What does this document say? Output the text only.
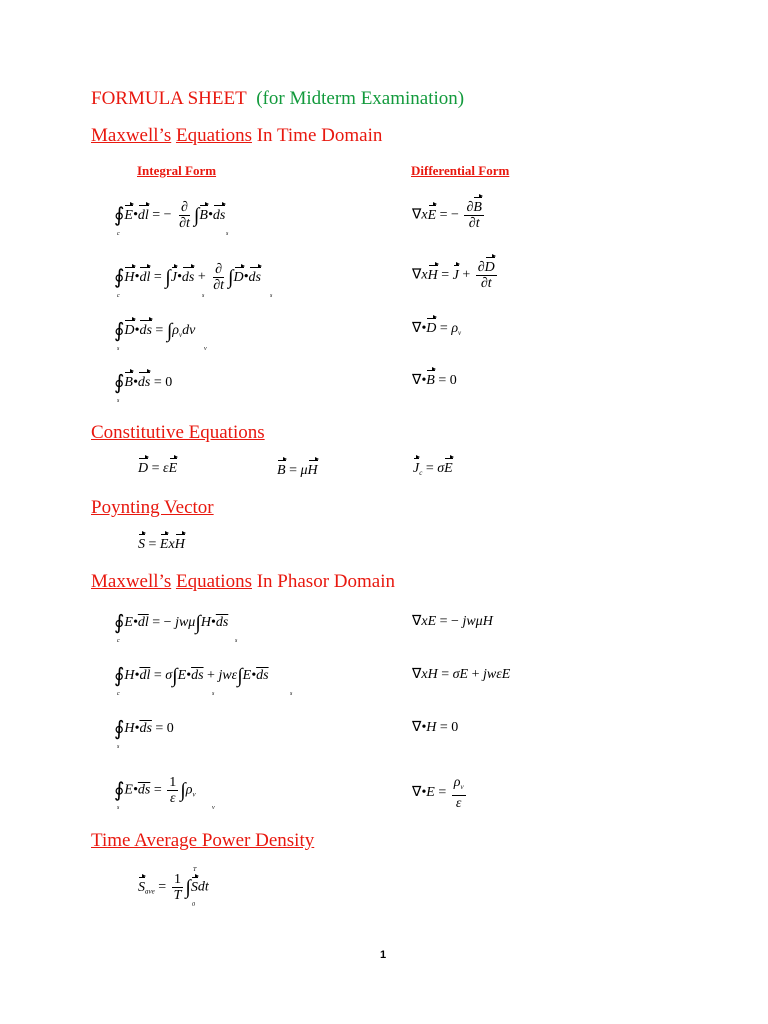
FORMULA SHEET (for Midterm Examination)
Maxwell’s Equations In Time Domain
Integral Form	Differential Form
∮E•dl = − $\frac{\partial}{\partial t}$ ∫B•ds
c	s
∇xE = − $\frac{\partial B}{\partial t}$
∮H•dl = ∫J•ds + $\frac{\partial}{\partial t}$ ∫D•ds
c	s	s
$\nabla xH = J + \frac{\partial D}{\partial t}$
∮D•ds = $\int\rho_vdv$
s	v
∇•D = $\rho_v$
∮B•ds = 0
s
∇•B = 0
Constitutive Equations
D = εE	B = μH	$J_c = \sigma E$
Poynting Vector
S = ExH
Maxwell’s Equations In Phasor Domain
$∮E•\overline{dl}$ = − $jw\mu\int H•\overline{ds}$
c	s
∇xE = − jwμH
$∮H•\overline{dl}$ = $\sigma\int E•\overline{ds}$ + $jw\varepsilon\int E•\overline{ds}$
c	s	s
∇xH = σE + jwεE
$∮H•\overline{ds} = 0$
s
∇•H = 0
$∮E•\overline{ds} = \frac{1}{\varepsilon} \int\rho_v$
s	v
∇•E = $\frac{\rho_v}{\varepsilon}$
Time Average Power Density
$S_{ave} = \frac{1}{T} \int Sdt$
T
0
1
